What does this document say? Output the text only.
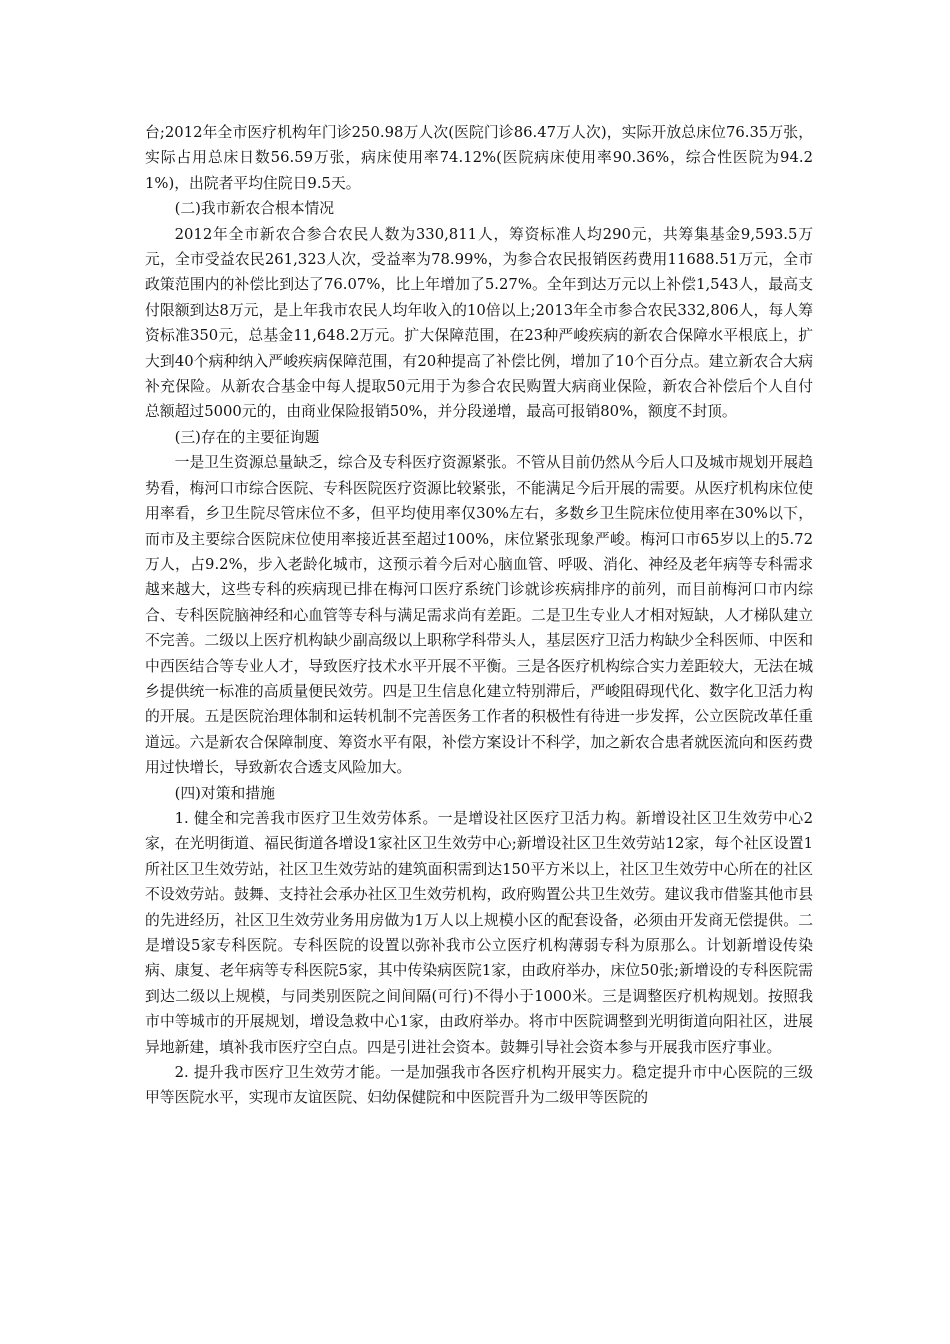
台;2012年全市医疗机构年门诊250.98万人次(医院门诊86.47万人次)，实际开放总床位76.35万张，实际占用总床日数56.59万张，病床使用率74.12%(医院病床使用率90.36%，综合性医院为94.21%)，出院者平均住院日9.5天。

(二)我市新农合根本情况

2012年全市新农合参合农民人数为330,811人，筹资标准人均290元，共筹集基金9,593.5万元，全市受益农民261,323人次，受益率为78.99%，为参合农民报销医药费用11688.51万元，全市政策范围内的补偿比到达了76.07%，比上年增加了5.27%。全年到达万元以上补偿1,543人，最高支付限额到达8万元，是上年我市农民人均年收入的10倍以上;2013年全市参合农民332,806人，每人筹资标准350元，总基金11,648.2万元。扩大保障范围，在23种严峻疾病的新农合保障水平根底上，扩大到40个病种纳入严峻疾病保障范围，有20种提高了补偿比例，增加了10个百分点。建立新农合大病补充保险。从新农合基金中每人提取50元用于为参合农民购置大病商业保险，新农合补偿后个人自付总额超过5000元的，由商业保险报销50%，并分段递增，最高可报销80%，额度不封顶。

(三)存在的主要征询题

一是卫生资源总量缺乏，综合及专科医疗资源紧张。不管从目前仍然从今后人口及城市规划开展趋势看，梅河口市综合医院、专科医院医疗资源比较紧张，不能满足今后开展的需要。从医疗机构床位使用率看，乡卫生院尽管床位不多，但平均使用率仅30%左右，多数乡卫生院床位使用率在30%以下，而市及主要综合医院床位使用率接近甚至超过100%，床位紧张现象严峻。梅河口市65岁以上的5.72万人，占9.2%，步入老龄化城市，这预示着今后对心脑血管、呼吸、消化、神经及老年病等专科需求越来越大，这些专科的疾病现已排在梅河口医疗系统门诊就诊疾病排序的前列，而目前梅河口市内综合、专科医院脑神经和心血管等专科与满足需求尚有差距。二是卫生专业人才相对短缺，人才梯队建立不完善。二级以上医疗机构缺少副高级以上职称学科带头人，基层医疗卫活力构缺少全科医师、中医和中西医结合等专业人才，导致医疗技术水平开展不平衡。三是各医疗机构综合实力差距较大，无法在城乡提供统一标准的高质量便民效劳。四是卫生信息化建立特别滞后，严峻阻碍现代化、数字化卫活力构的开展。五是医院治理体制和运转机制不完善医务工作者的积极性有待进一步发挥，公立医院改革任重道远。六是新农合保障制度、筹资水平有限，补偿方案设计不科学，加之新农合患者就医流向和医药费用过快增长，导致新农合透支风险加大。

(四)对策和措施

1. 健全和完善我市医疗卫生效劳体系。一是增设社区医疗卫活力构。新增设社区卫生效劳中心2家，在光明街道、福民街道各增设1家社区卫生效劳中心;新增设社区卫生效劳站12家，每个社区设置1所社区卫生效劳站，社区卫生效劳站的建筑面积需到达150平方米以上，社区卫生效劳中心所在的社区不设效劳站。鼓舞、支持社会承办社区卫生效劳机构，政府购置公共卫生效劳。建议我市借鉴其他市县的先进经历，社区卫生效劳业务用房做为1万人以上规模小区的配套设备，必须由开发商无偿提供。二是增设5家专科医院。专科医院的设置以弥补我市公立医疗机构薄弱专科为原那么。计划新增设传染病、康复、老年病等专科医院5家，其中传染病医院1家，由政府举办，床位50张;新增设的专科医院需到达二级以上规模，与同类别医院之间间隔(可行)不得小于1000米。三是调整医疗机构规划。按照我市中等城市的开展规划，增设急救中心1家，由政府举办。将市中医院调整到光明街道向阳社区，进展异地新建，填补我市医疗空白点。四是引进社会资本。鼓舞引导社会资本参与开展我市医疗事业。

2. 提升我市医疗卫生效劳才能。一是加强我市各医疗机构开展实力。稳定提升市中心医院的三级甲等医院水平，实现市友谊医院、妇幼保健院和中医院晋升为二级甲等医院的
